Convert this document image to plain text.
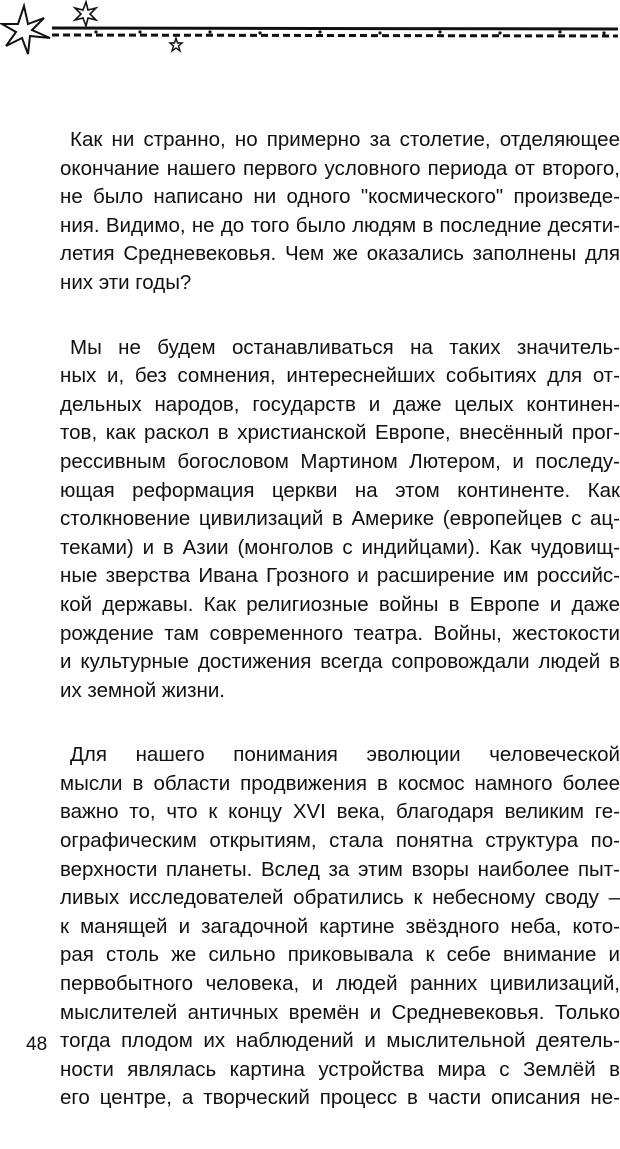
Как ни странно, но примерно за столетие, отделяющее
окончание нашего первого условного периода от второго,
не было написано ни одного "космического" произведе-
ния. Видимо, не до того было людям в последние десяти-
летия Средневековья. Чем же оказались заполнены для
них эти годы?

Мы не будем останавливаться на таких значитель-
ных и, без сомнения, интереснейших событиях для от-
дельных народов, государств и даже целых континен-
тов, как раскол в христианской Европе, внесённый прог-
рессивным богословом Мартином Лютером, и последу-
ющая реформация церкви на этом континенте. Как
столкновение цивилизаций в Америке (европейцев с ац-
теками) и в Азии (монголов с индийцами). Как чудовищ-
ные зверства Ивана Грозного и расширение им российс-
кой державы. Как религиозные войны в Европе и даже
рождение там современного театра. Войны, жестокости
и культурные достижения всегда сопровождали людей в
их земной жизни.

Для нашего понимания эволюции человеческой
мысли в области продвижения в космос намного более
важно то, что к концу XVI века, благодаря великим ге-
ографическим открытиям, стала понятна структура по-
верхности планеты. Вслед за этим взоры наиболее пыт-
ливых исследователей обратились к небесному своду –
к манящей и загадочной картине звёздного неба, кото-
рая столь же сильно приковывала к себе внимание и
первобытного человека, и людей ранних цивилизаций,
мыслителей античных времён и Средневековья. Только
тогда плодом их наблюдений и мыслительной деятель-
ности являлась картина устройства мира с Землёй в
его центре, а творческий процесс в части описания не-

48
